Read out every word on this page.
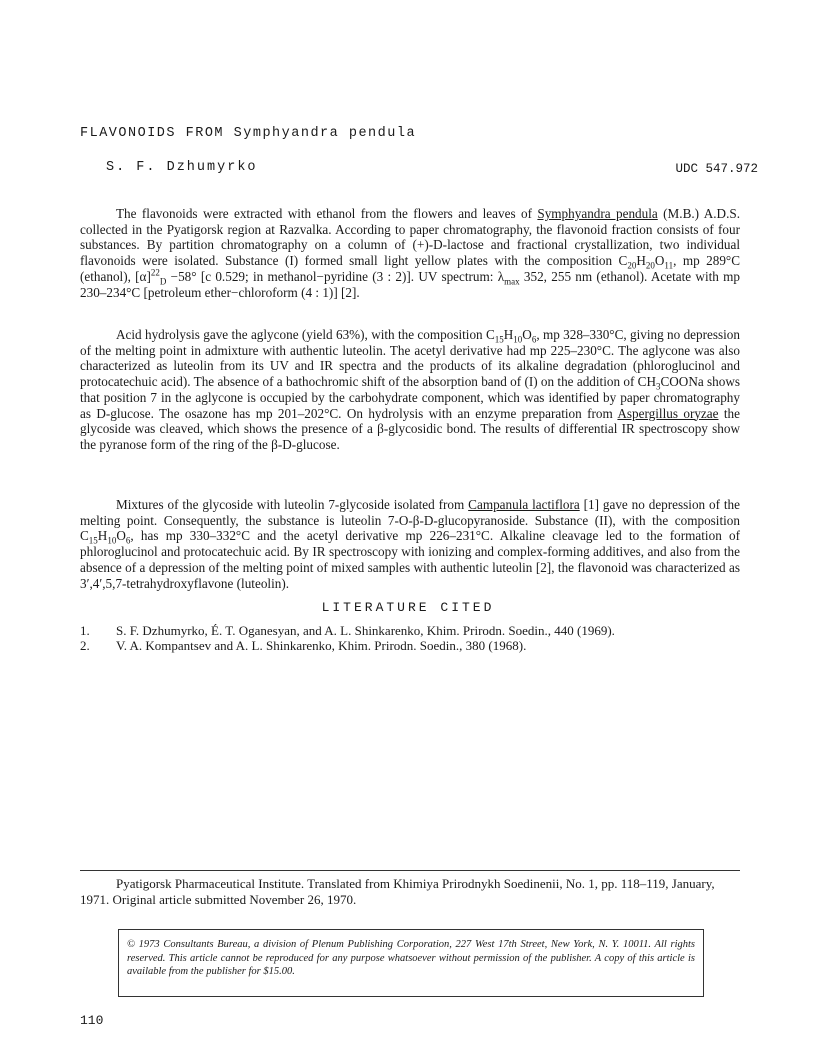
FLAVONOIDS FROM Symphyandra pendula
S. F. Dzhumyrko	UDC 547.972

The flavonoids were extracted with ethanol from the flowers and leaves of Symphyandra pendula (M.B.) A.D.S. collected in the Pyatigorsk region at Razvalka. According to paper chromatography, the flavonoid fraction consists of four substances. By partition chromatography on a column of (+)-D-lactose and fractional crystallization, two individual flavonoids were isolated. Substance (I) formed small light yellow plates with the composition $C_{20}H_{20}O_{11}$, mp 289°C (ethanol), $[\alpha]^{22}_D -58^\circ$ [c 0.529; in methanol−pyridine (3 : 2)]. UV spectrum: $\lambda_{max}$ 352, 255 nm (ethanol). Acetate with mp 230–234°C [petroleum ether−chloroform (4 : 1)] [2].

Acid hydrolysis gave the aglycone (yield 63%), with the composition $C_{15}H_{10}O_6$, mp 328–330°C, giving no depression of the melting point in admixture with authentic luteolin. The acetyl derivative had mp 225–230°C. The aglycone was also characterized as luteolin from its UV and IR spectra and the products of its alkaline degradation (phloroglucinol and protocatechuic acid). The absence of a bathochromic shift of the absorption band of (I) on the addition of $CH_3COONa$ shows that position 7 in the aglycone is occupied by the carbohydrate component, which was identified by paper chromatography as D-glucose. The osazone has mp 201–202°C. On hydrolysis with an enzyme preparation from Aspergillus oryzae the glycoside was cleaved, which shows the presence of a β-glycosidic bond. The results of differential IR spectroscopy show the pyranose form of the ring of the β-D-glucose.

Mixtures of the glycoside with luteolin 7-glycoside isolated from Campanula lactiflora [1] gave no depression of the melting point. Consequently, the substance is luteolin 7-O-β-D-glucopyranoside. Substance (II), with the composition $C_{15}H_{10}O_6$, has mp 330–332°C and the acetyl derivative mp 226–231°C. Alkaline cleavage led to the formation of phloroglucinol and protocatechuic acid. By IR spectroscopy with ionizing and complex-forming additives, and also from the absence of a depression of the melting point of mixed samples with authentic luteolin [2], the flavonoid was characterized as 3′,4′,5,7-tetrahydroxyflavone (luteolin).

LITERATURE CITED
1.	S. F. Dzhumyrko, É. T. Oganesyan, and A. L. Shinkarenko, Khim. Prirodn. Soedin., 440 (1969).
2.	V. A. Kompantsev and A. L. Shinkarenko, Khim. Prirodn. Soedin., 380 (1968).
Pyatigorsk Pharmaceutical Institute. Translated from Khimiya Prirodnykh Soedinenii, No. 1, pp. 118–119, January, 1971. Original article submitted November 26, 1970.
© 1973 Consultants Bureau, a division of Plenum Publishing Corporation, 227 West 17th Street, New York, N. Y. 10011. All rights reserved. This article cannot be reproduced for any purpose whatsoever without permission of the publisher. A copy of this article is available from the publisher for $15.00.
110
